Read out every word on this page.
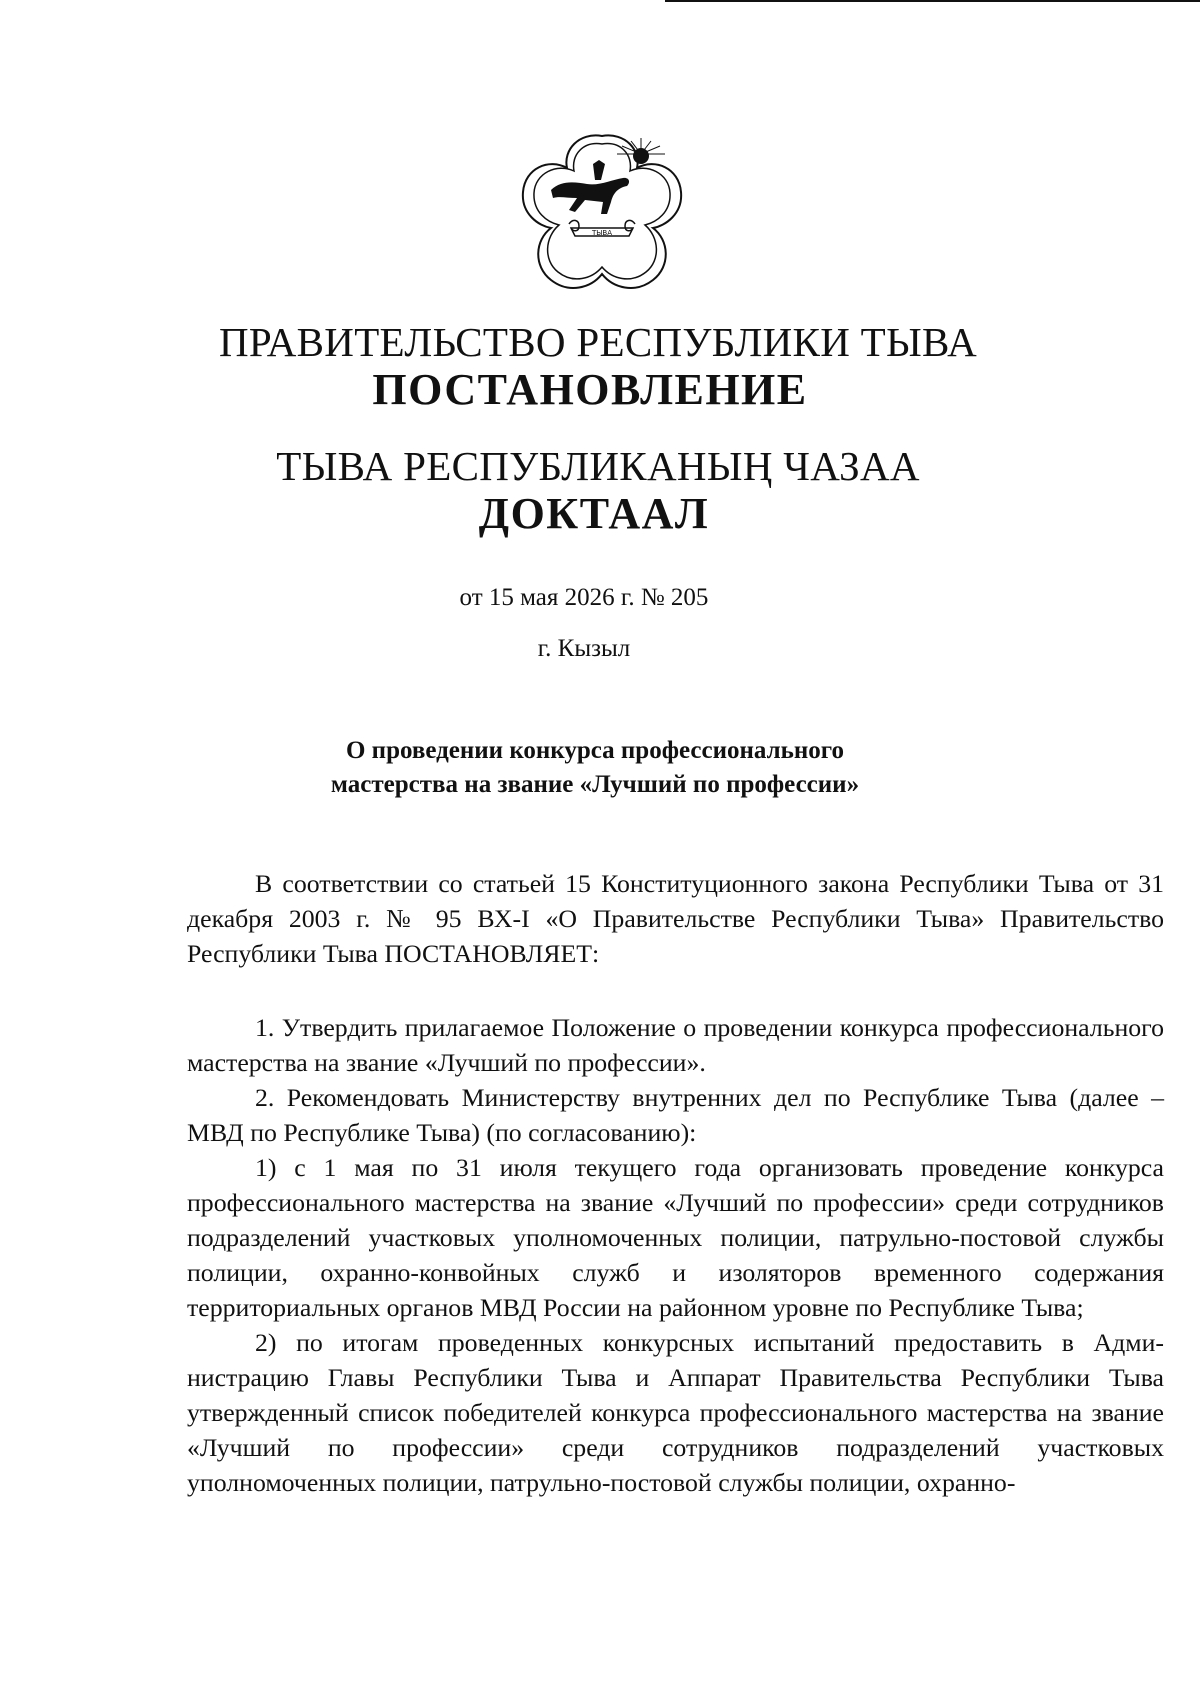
ТЫВА
ПРАВИТЕЛЬСТВО РЕСПУБЛИКИ ТЫВА
ПОСТАНОВЛЕНИЕ
ТЫВА РЕСПУБЛИКАНЫҢ ЧАЗАА
ДОКТААЛ
от 15 мая 2026 г. № 205
г. Кызыл
О проведении конкурса профессионального
мастерства на звание «Лучший по профессии»

В соответствии со статьей 15 Конституционного закона Республики Тыва от 31 декабря 2003 г. № 95 ВХ-I «О Правительстве Республики Тыва» Правительство Республики Тыва ПОСТАНОВЛЯЕТ:

1. Утвердить прилагаемое Положение о проведении конкурса профессионального мастерства на звание «Лучший по профессии».

2. Рекомендовать Министерству внутренних дел по Республике Тыва (далее – МВД по Республике Тыва) (по согласованию):

1) с 1 мая по 31 июля текущего года организовать проведение конкурса профессионального мастерства на звание «Лучший по профессии» среди сотрудников подразделений участковых уполномоченных полиции, патрульно-постовой службы полиции, охранно-конвойных служб и изоляторов временного содержания территориальных органов МВД России на районном уровне по Республике Тыва;

2) по итогам проведенных конкурсных испытаний предоставить в Администрацию Главы Республики Тыва и Аппарат Правительства Республики Тыва утвержденный список победителей конкурса профессионального мастерства на звание «Лучший по профессии» среди сотрудников подразделений участковых уполномоченных полиции, патрульно-постовой службы полиции, охранно-
